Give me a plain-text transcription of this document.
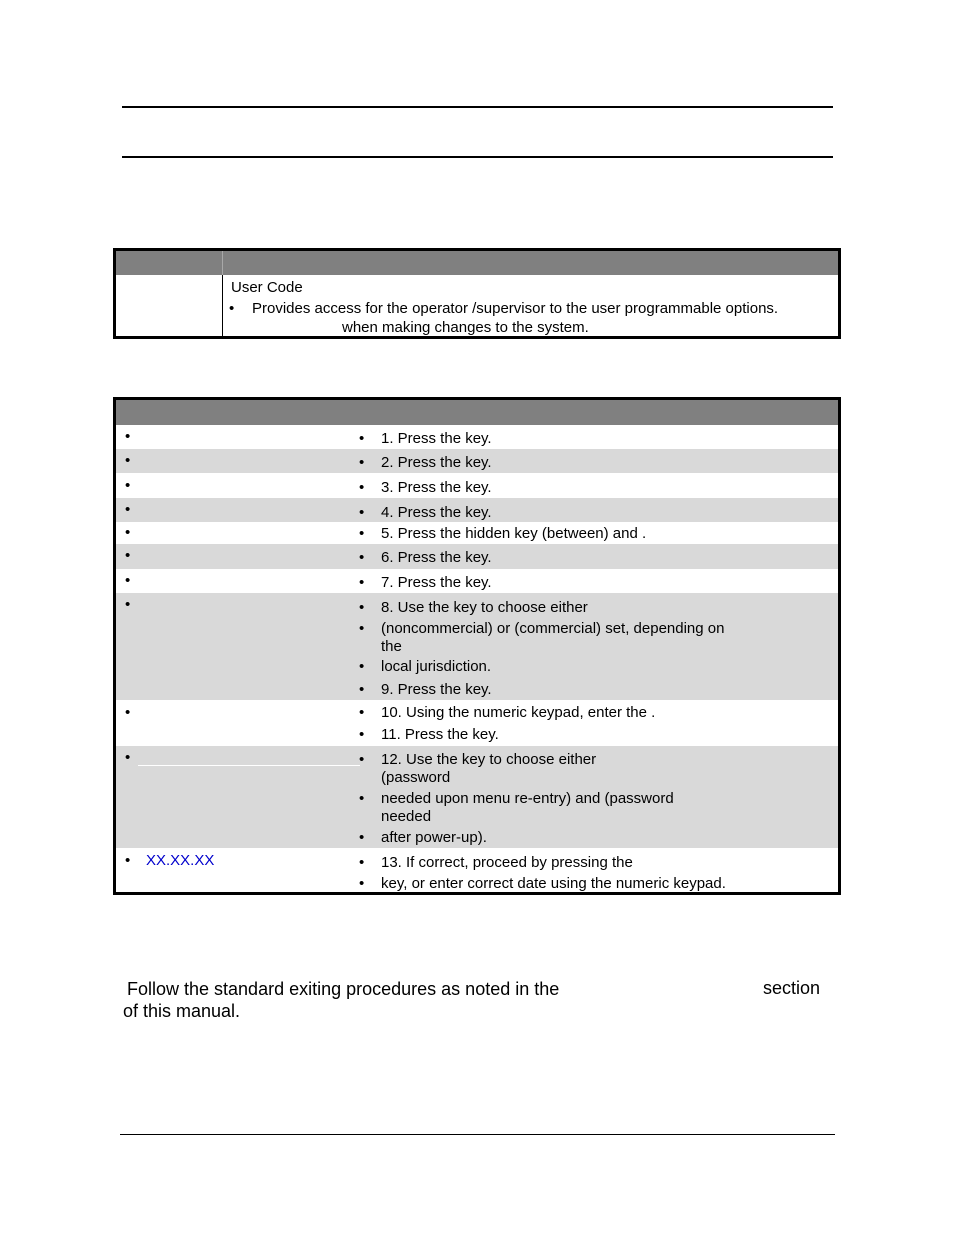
User Code
• Provides access for the operator /supervisor to the user programmable options.
when making changes to the system.
•	• 1. Press the key.
•	• 2. Press the key.
•	• 3. Press the key.
•	• 4. Press the key.
•	• 5. Press the hidden key (between) and .
•	• 6. Press the key.
•	• 7. Press the key.
•	• 8. Use the key to choose either
• (noncommercial) or (commercial) set, depending on
the
• local jurisdiction.
• 9. Press the key.
•	• 10. Using the numeric keypad, enter the .
• 11. Press the key.
•	• 12. Use the key to choose either
(password
• needed upon menu re-entry) and (password
needed
• after power-up).
• XX.XX.XX	• 13. If correct, proceed by pressing the
• key, or enter correct date using the numeric keypad.
Follow the standard exiting procedures as noted in the
of this manual.
section
